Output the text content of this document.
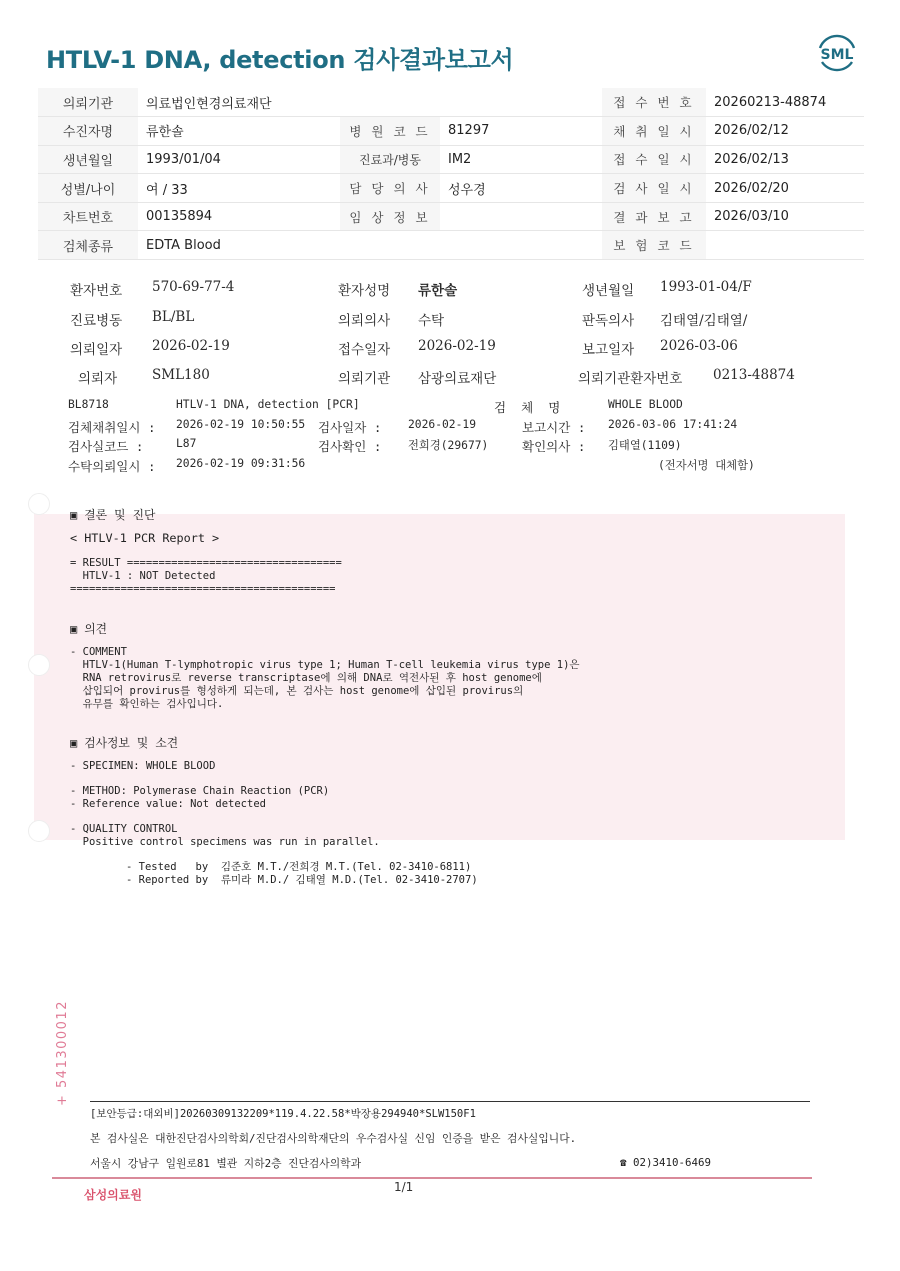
HTLV-1 DNA, detection 검사결과보고서	SML
의뢰기관	의료법인현경의료재단			접 수 번 호	20260213-48874
수진자명	류한솔	병 원 코 드	81297	채 취 일 시	2026/02/12
생년월일	1993/01/04	진료과/병동	IM2	접 수 일 시	2026/02/13
성별/나이	여 / 33	담 당 의 사	성우경	검 사 일 시	2026/02/20
차트번호	00135894	임 상 정 보		결 과 보 고	2026/03/10
검체종류	EDTA Blood			보 험 코 드	
환자번호 570-69-77-4	환자성명 류한솔	생년월일 1993-01-04/F
진료병동 BL/BL	의뢰의사 수탁	판독의사 김태열/김태열/
의뢰일자 2026-02-19	접수일자 2026-02-19	보고일자 2026-03-06
의뢰자	SML180	의뢰기관 삼광의료재단	의뢰기관환자번호 0213-48874
BL8718	HTLV-1 DNA, detection [PCR]	검  체  명	WHOLE BLOOD
검체채취일시 : 2026-02-19 10:50:55 검사일자 : 2026-02-19	보고시간 : 2026-03-06 17:41:24
검사실코드 :	L87	검사확인 : 전희경(29677)	확인의사 : 김태열(1109)
수탁의뢰일시 : 2026-02-19 09:31:56	(전자서명 대체함)
▣ 결론 및 진단
< HTLV-1 PCR Report >
= RESULT ==================================
HTLV-1 : NOT Detected
==========================================
▣ 의견
- COMMENT
HTLV-1(Human T-lymphotropic virus type 1; Human T-cell leukemia virus type 1)은
RNA retrovirus로 reverse transcriptase에 의해 DNA로 역전사된 후 host genome에
삽입되어 provirus를 형성하게 되는데, 본 검사는 host genome에 삽입된 provirus의
유무를 확인하는 검사입니다.
▣ 검사정보 및 소견
- SPECIMEN: WHOLE BLOOD
- METHOD: Polymerase Chain Reaction (PCR)
- Reference value: Not detected
- QUALITY CONTROL
Positive control specimens was run in parallel.
- Tested   by  김준호 M.T./전희경 M.T.(Tel. 02-3410-6811)
- Reported by  류미라 M.D./ 김태열 M.D.(Tel. 02-3410-2707)
+ 541300012
[보안등급:대외비]20260309132209*119.4.22.58*박장용294940*SLW150F1
본 검사실은 대한진단검사의학회/진단검사의학재단의 우수검사실 신임 인증을 받은 검사실입니다.
서울시 강남구 일원로81 별관 지하2층 진단검사의학과	☎ 02)3410-6469
삼성의료원
1/1
